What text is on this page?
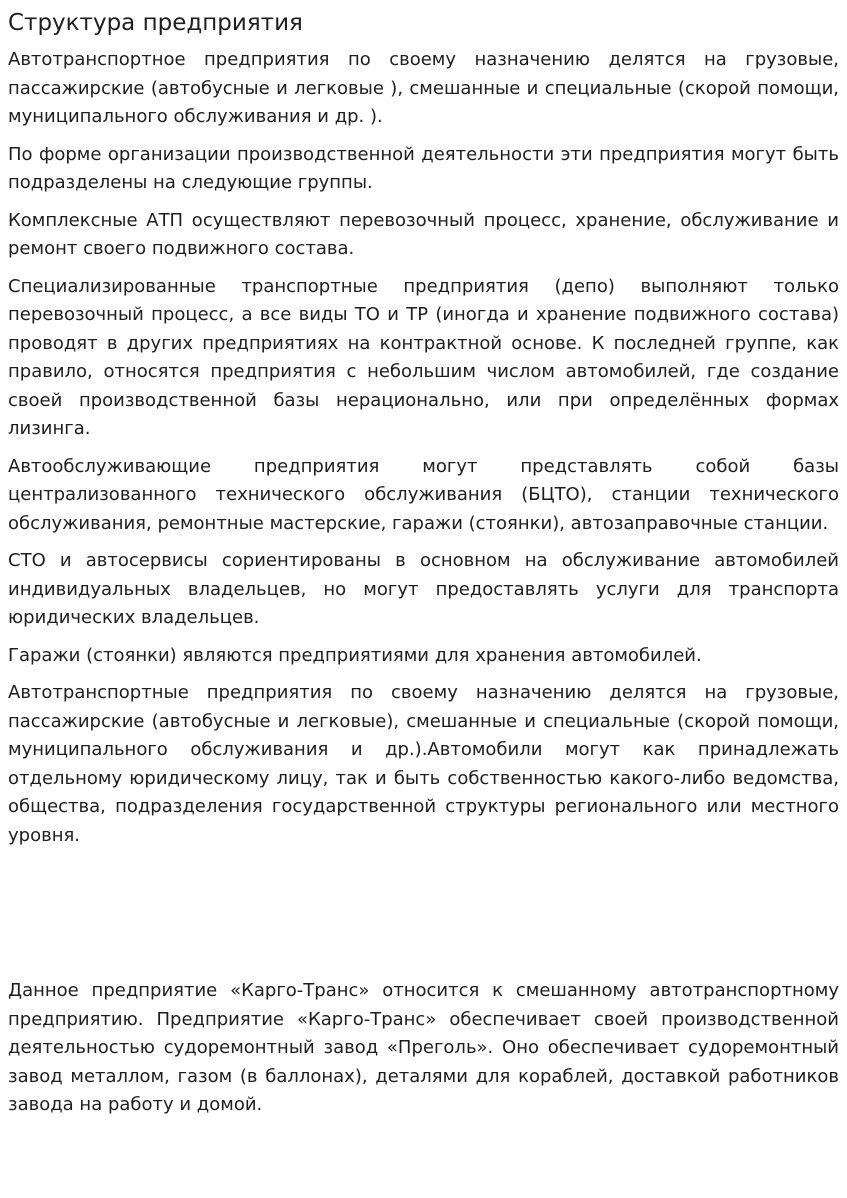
Структура предприятия

Автотранспортное предприятия по своему назначению делятся на грузовые, пассажирские (автобусные и легковые ), смешанные и специальные (скорой помощи, муниципального обслуживания и др. ).

По форме организации производственной деятельности эти предприятия могут быть подразделены на следующие группы.

Комплексные АТП осуществляют перевозочный процесс, хранение, обслуживание и ремонт своего подвижного состава.

Специализированные транспортные предприятия (депо) выполняют только перевозочный процесс, а все виды ТО и ТР (иногда и хранение подвижного состава) проводят в других предприятиях на контрактной основе. К последней группе, как правило, относятся предприятия с небольшим числом автомобилей, где создание своей производственной базы нерационально, или при определённых формах лизинга.

Автообслуживающие предприятия могут представлять собой базы централизованного технического обслуживания (БЦТО), станции технического обслуживания, ремонтные мастерские, гаражи (стоянки), автозаправочные станции.

СТО и автосервисы сориентированы в основном на обслуживание автомобилей индивидуальных владельцев, но могут предоставлять услуги для транспорта юридических владельцев.

Гаражи (стоянки) являются предприятиями для хранения автомобилей.

Автотранспортные предприятия по своему назначению делятся на грузовые, пассажирские (автобусные и легковые), смешанные и специальные (скорой помощи, муниципального обслуживания и др.).Автомобили могут как принадлежать отдельному юридическому лицу, так и быть собственностью какого-либо ведомства, общества, подразделения государственной структуры регионального или местного уровня.

Данное предприятие «Карго-Транс» относится к смешанному автотранспортному предприятию. Предприятие «Карго-Транс» обеспечивает своей производственной деятельностью судоремонтный завод «Преголь». Оно обеспечивает судоремонтный завод металлом, газом (в баллонах), деталями для кораблей, доставкой работников завода на работу и домой.
